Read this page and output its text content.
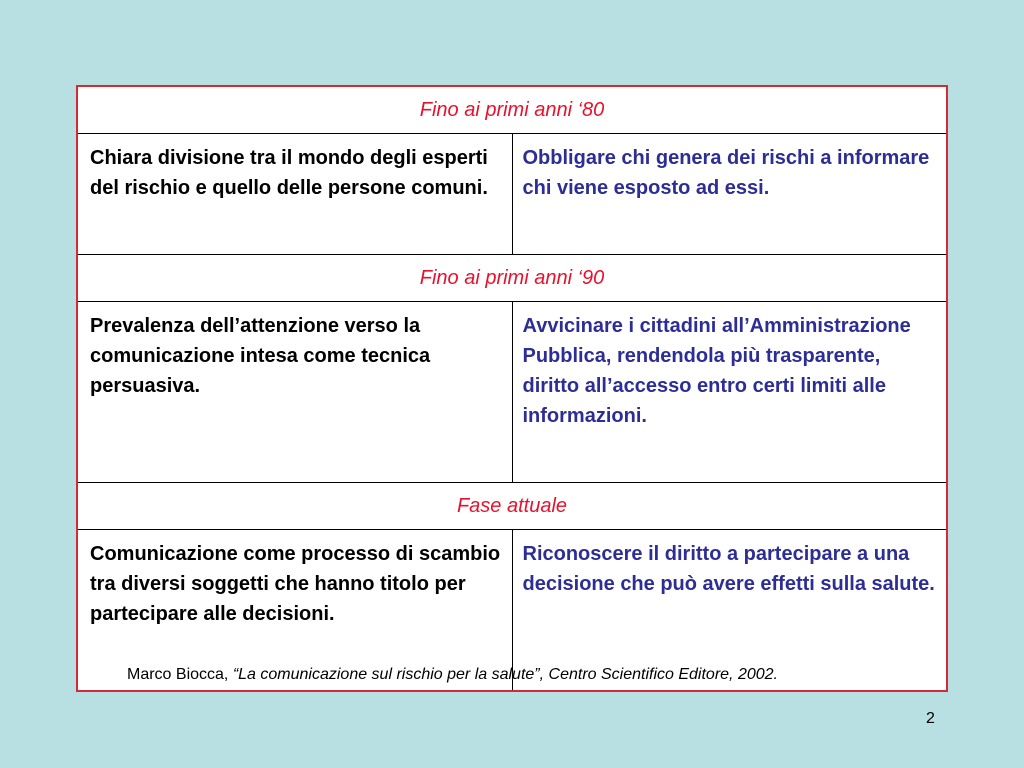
Fino ai primi anni ‘80	
Chiara divisione tra il mondo degli esperti del rischio e quello delle persone comuni.	Obbligare chi genera dei rischi a informare chi viene esposto ad essi.
Fino ai primi anni ‘90	
Prevalenza dell’attenzione verso la comunicazione intesa come tecnica persuasiva.	Avvicinare i cittadini all’Amministrazione Pubblica, rendendola più trasparente, diritto all’accesso entro certi limiti alle informazioni.
Fase attuale	
Comunicazione come processo di scambio tra diversi soggetti che hanno titolo per partecipare alle decisioni.	Riconoscere il diritto a partecipare a una decisione che può avere effetti sulla salute.
Marco Biocca, “La comunicazione sul rischio per la salute”, Centro Scientifico Editore, 2002.
2
